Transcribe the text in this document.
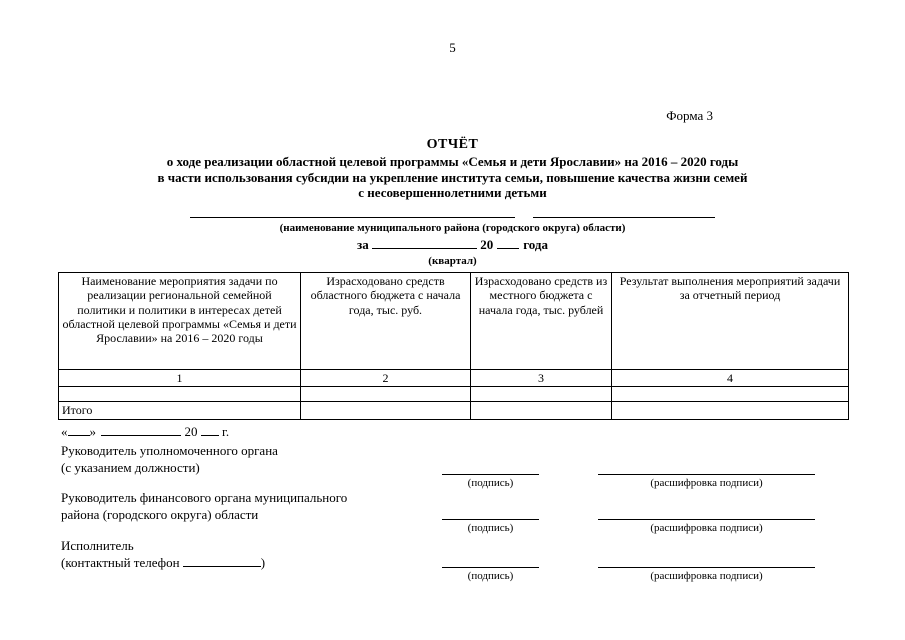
5
Форма 3
ОТЧЁТ
о ходе реализации областной целевой программы «Семья и дети Ярославии» на 2016 – 2020 годы
в части использования субсидии на укрепление института семьи, повышение качества жизни семей
с несовершеннолетними детьми
(наименование муниципального района (городского округа) области)
за	20 года
(квартал)
Наименование мероприятия задачи по реализации региональной семейной политики и политики в интересах детей областной целевой программы «Семья и дети Ярославии» на 2016 – 2020 годы	Израсходовано средств областного бюджета с начала года, тыс. руб.	Израсходовано средств из местного бюджета с начала года, тыс. рублей	Результат выполнения мероприятий задачи за отчетный период
1	2	3	4

Итого			
« »	20 г.
Руководитель уполномоченного органа
(с указанием должности)
(подпись)	(расшифровка подписи)
Руководитель финансового органа муниципального
района (городского округа) области
(подпись)	(расшифровка подписи)
Исполнитель
(контактный телефон	)
(подпись)	(расшифровка подписи)
